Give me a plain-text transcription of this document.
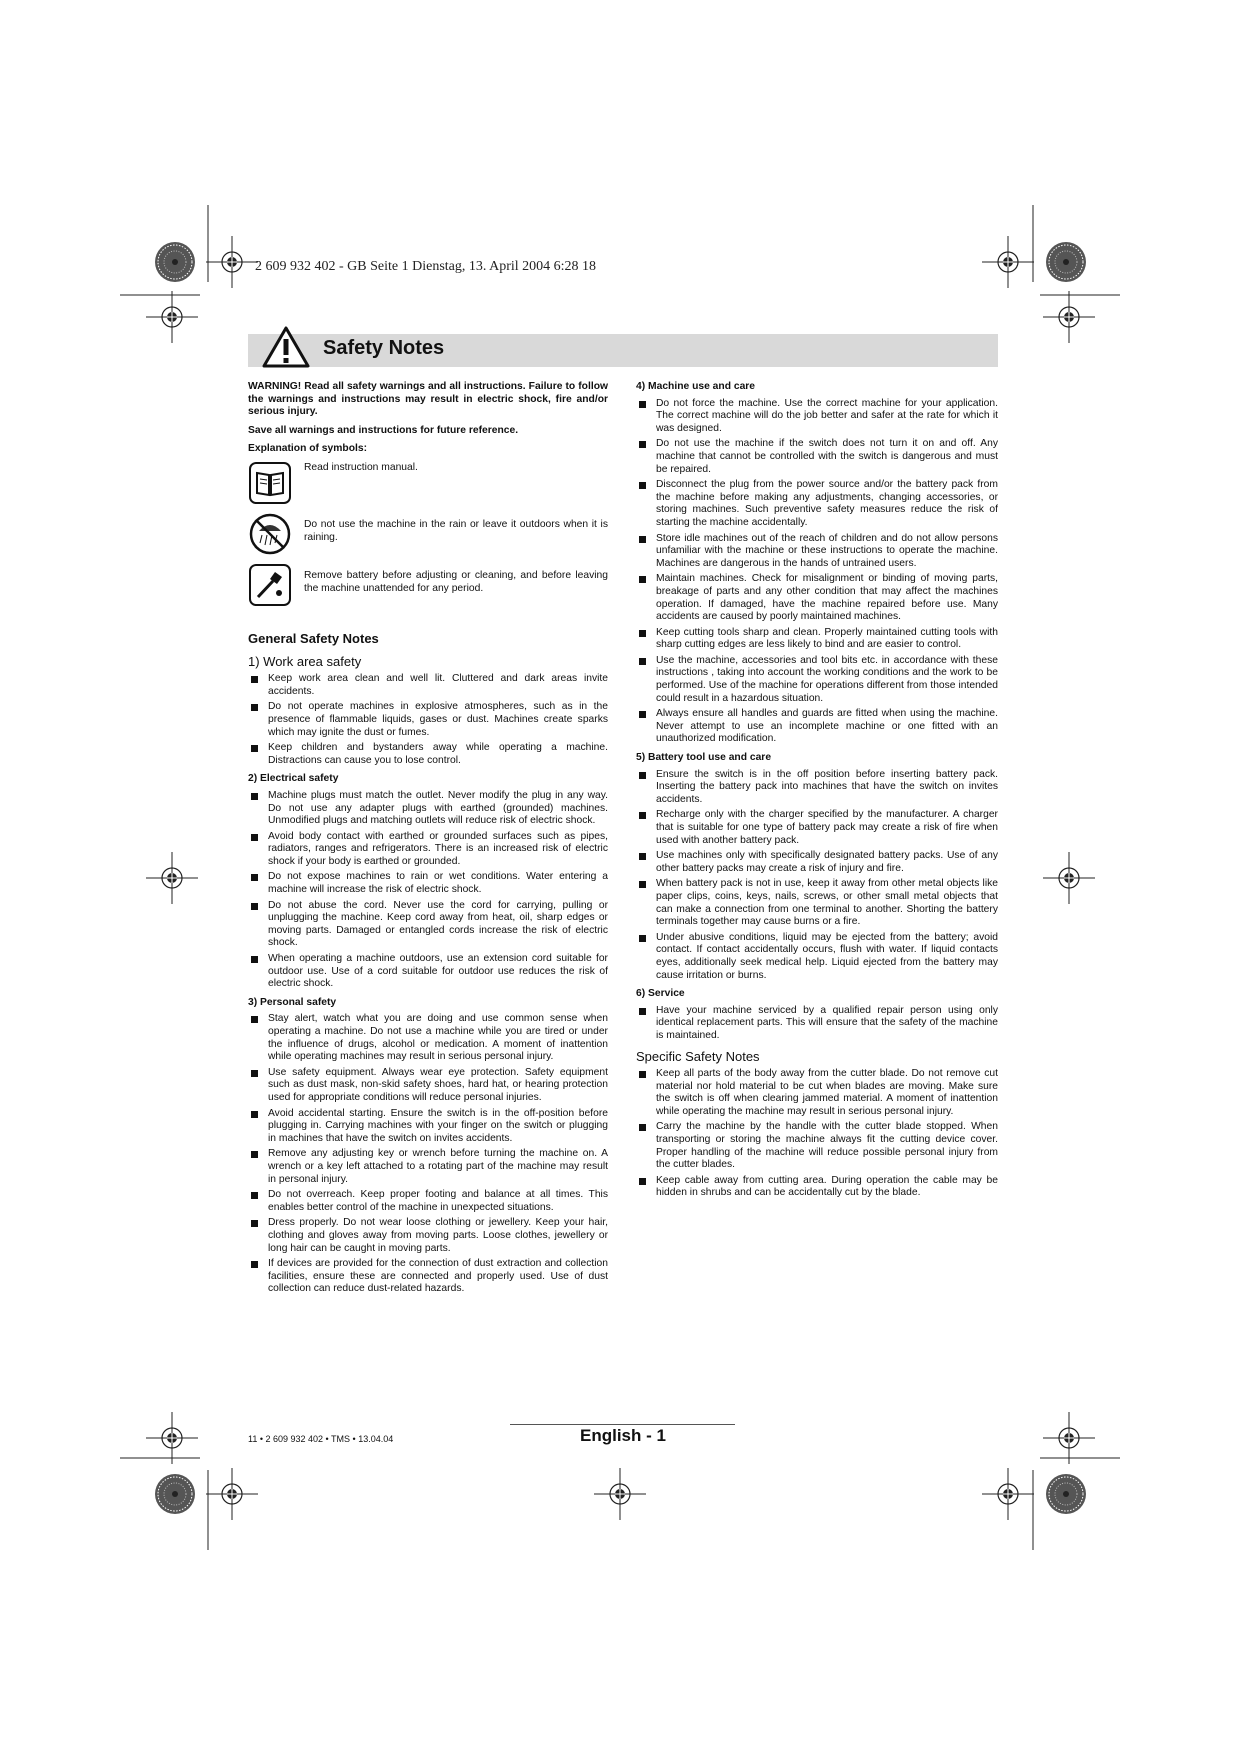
2 609 932 402 - GB Seite 1 Dienstag, 13. April 2004 6:28 18
Safety Notes

WARNING! Read all safety warnings and all instructions. Failure to follow the warnings and instructions may result in electric shock, fire and/or serious injury.

Save all warnings and instructions for future reference.

Explanation of symbols:

Read instruction manual.
Do not use the machine in the rain or leave it outdoors when it is raining.
Remove battery before adjusting or cleaning, and before leaving the machine unattended for any period.

General Safety Notes

1) Work area safety

Keep work area clean and well lit. Cluttered and dark areas invite accidents.
Do not operate machines in explosive atmospheres, such as in the presence of flammable liquids, gases or dust. Machines create sparks which may ignite the dust or fumes.
Keep children and bystanders away while operating a machine. Distractions can cause you to lose control.

2) Electrical safety

Machine plugs must match the outlet. Never modify the plug in any way. Do not use any adapter plugs with earthed (grounded) machines. Unmodified plugs and matching outlets will reduce risk of electric shock.
Avoid body contact with earthed or grounded surfaces such as pipes, radiators, ranges and refrigerators. There is an increased risk of electric shock if your body is earthed or grounded.
Do not expose machines to rain or wet conditions. Water entering a machine will increase the risk of electric shock.
Do not abuse the cord. Never use the cord for carrying, pulling or unplugging the machine. Keep cord away from heat, oil, sharp edges or moving parts. Damaged or entangled cords increase the risk of electric shock.
When operating a machine outdoors, use an extension cord suitable for outdoor use. Use of a cord suitable for outdoor use reduces the risk of electric shock.

3) Personal safety

Stay alert, watch what you are doing and use common sense when operating a machine. Do not use a machine while you are tired or under the influence of drugs, alcohol or medication. A moment of inattention while operating machines may result in serious personal injury.
Use safety equipment. Always wear eye protection. Safety equipment such as dust mask, non-skid safety shoes, hard hat, or hearing protection used for appropriate conditions will reduce personal injuries.
Avoid accidental starting. Ensure the switch is in the off-position before plugging in. Carrying machines with your finger on the switch or plugging in machines that have the switch on invites accidents.
Remove any adjusting key or wrench before turning the machine on. A wrench or a key left attached to a rotating part of the machine may result in personal injury.
Do not overreach. Keep proper footing and balance at all times. This enables better control of the machine in unexpected situations.
Dress properly. Do not wear loose clothing or jewellery. Keep your hair, clothing and gloves away from moving parts. Loose clothes, jewellery or long hair can be caught in moving parts.
If devices are provided for the connection of dust extraction and collection facilities, ensure these are connected and properly used. Use of dust collection can reduce dust-related hazards.

4) Machine use and care

Do not force the machine. Use the correct machine for your application. The correct machine will do the job better and safer at the rate for which it was designed.
Do not use the machine if the switch does not turn it on and off. Any machine that cannot be controlled with the switch is dangerous and must be repaired.
Disconnect the plug from the power source and/or the battery pack from the machine before making any adjustments, changing accessories, or storing machines. Such preventive safety measures reduce the risk of starting the machine accidentally.
Store idle machines out of the reach of children and do not allow persons unfamiliar with the machine or these instructions to operate the machine. Machines are dangerous in the hands of untrained users.
Maintain machines. Check for misalignment or binding of moving parts, breakage of parts and any other condition that may affect the machines operation. If damaged, have the machine repaired before use. Many accidents are caused by poorly maintained machines.
Keep cutting tools sharp and clean. Properly maintained cutting tools with sharp cutting edges are less likely to bind and are easier to control.
Use the machine, accessories and tool bits etc. in accordance with these instructions , taking into account the working conditions and the work to be performed. Use of the machine for operations different from those intended could result in a hazardous situation.
Always ensure all handles and guards are fitted when using the machine. Never attempt to use an incomplete machine or one fitted with an unauthorized modification.

5) Battery tool use and care

Ensure the switch is in the off position before inserting battery pack. Inserting the battery pack into machines that have the switch on invites accidents.
Recharge only with the charger specified by the manufacturer. A charger that is suitable for one type of battery pack may create a risk of fire when used with another battery pack.
Use machines only with specifically designated battery packs. Use of any other battery packs may create a risk of injury and fire.
When battery pack is not in use, keep it away from other metal objects like paper clips, coins, keys, nails, screws, or other small metal objects that can make a connection from one terminal to another. Shorting the battery terminals together may cause burns or a fire.
Under abusive conditions, liquid may be ejected from the battery; avoid contact. If contact accidentally occurs, flush with water. If liquid contacts eyes, additionally seek medical help. Liquid ejected from the battery may cause irritation or burns.

6) Service

Have your machine serviced by a qualified repair person using only identical replacement parts. This will ensure that the safety of the machine is maintained.

Specific Safety Notes

Keep all parts of the body away from the cutter blade. Do not remove cut material nor hold material to be cut when blades are moving. Make sure the switch is off when clearing jammed material. A moment of inattention while operating the machine may result in serious personal injury.
Carry the machine by the handle with the cutter blade stopped. When transporting or storing the machine always fit the cutting device cover. Proper handling of the machine will reduce possible personal injury from the cutter blades.
Keep cable away from cutting area. During operation the cable may be hidden in shrubs and can be accidentally cut by the blade.
11 • 2 609 932 402 • TMS • 13.04.04	English - 1
